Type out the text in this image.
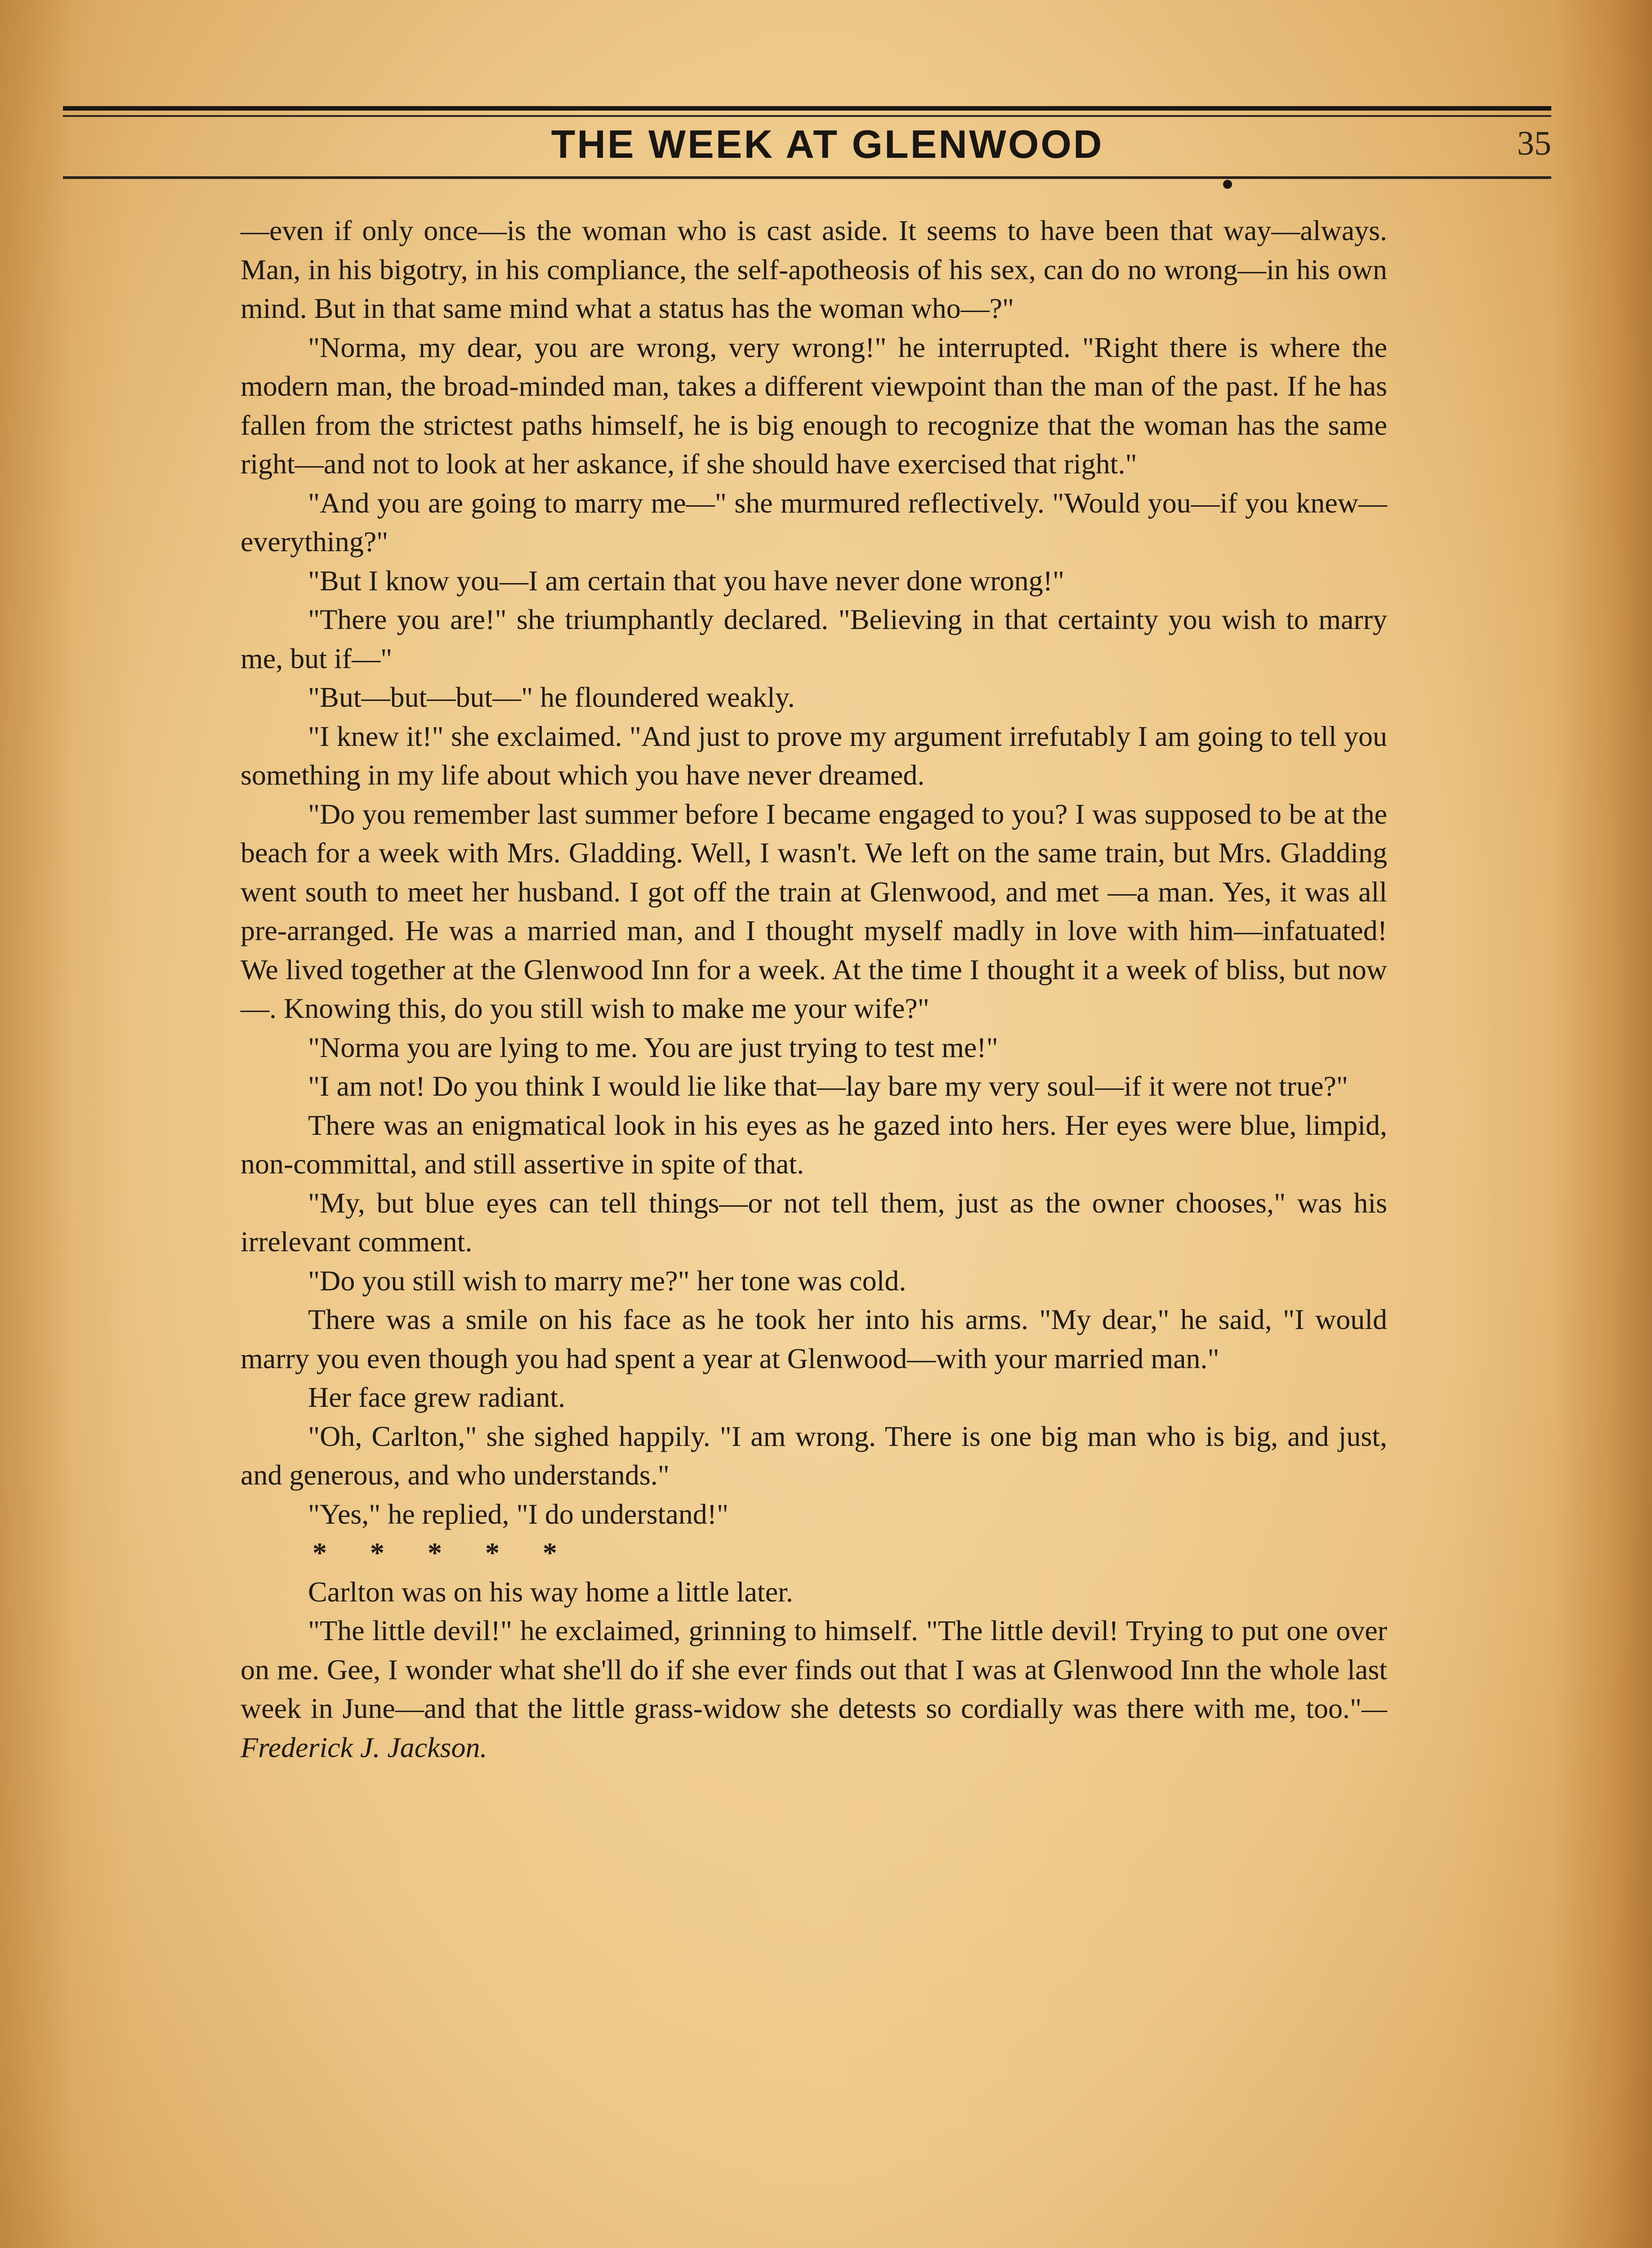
THE WEEK AT GLENWOOD	35

—even if only once—is the woman who is cast aside. It seems to have been that way—always. Man, in his bigotry, in his compliance, the self-apotheosis of his sex, can do no wrong—in his own mind. But in that same mind what a status has the woman who—?"

"Norma, my dear, you are wrong, very wrong!" he interrupted. "Right there is where the modern man, the broad-minded man, takes a different viewpoint than the man of the past. If he has fallen from the strictest paths himself, he is big enough to recognize that the woman has the same right—and not to look at her askance, if she should have exercised that right."

"And you are going to marry me—" she murmured reflectively. "Would you—if you knew—everything?"

"But I know you—I am certain that you have never done wrong!"

"There you are!" she triumphantly declared. "Believing in that certainty you wish to marry me, but if—"

"But—but—but—" he floundered weakly.

"I knew it!" she exclaimed. "And just to prove my argument irrefutably I am going to tell you something in my life about which you have never dreamed.

"Do you remember last summer before I became engaged to you? I was supposed to be at the beach for a week with Mrs. Gladding. Well, I wasn't. We left on the same train, but Mrs. Gladding went south to meet her husband. I got off the train at Glenwood, and met —a man. Yes, it was all pre-arranged. He was a married man, and I thought myself madly in love with him—infatuated! We lived together at the Glenwood Inn for a week. At the time I thought it a week of bliss, but now—. Knowing this, do you still wish to make me your wife?"

"Norma you are lying to me. You are just trying to test me!"

"I am not! Do you think I would lie like that—lay bare my very soul—if it were not true?"

There was an enigmatical look in his eyes as he gazed into hers. Her eyes were blue, limpid, non-committal, and still assertive in spite of that.

"My, but blue eyes can tell things—or not tell them, just as the owner chooses," was his irrelevant comment.

"Do you still wish to marry me?" her tone was cold.

There was a smile on his face as he took her into his arms. "My dear," he said, "I would marry you even though you had spent a year at Glenwood—with your married man."

Her face grew radiant.

"Oh, Carlton," she sighed happily. "I am wrong. There is one big man who is big, and just, and generous, and who understands."

"Yes," he replied, "I do understand!"

* * * * *

Carlton was on his way home a little later.

"The little devil!" he exclaimed, grinning to himself. "The little devil! Trying to put one over on me. Gee, I wonder what she'll do if she ever finds out that I was at Glenwood Inn the whole last week in June—and that the little grass-widow she detests so cordially was there with me, too."—Frederick J. Jackson.
